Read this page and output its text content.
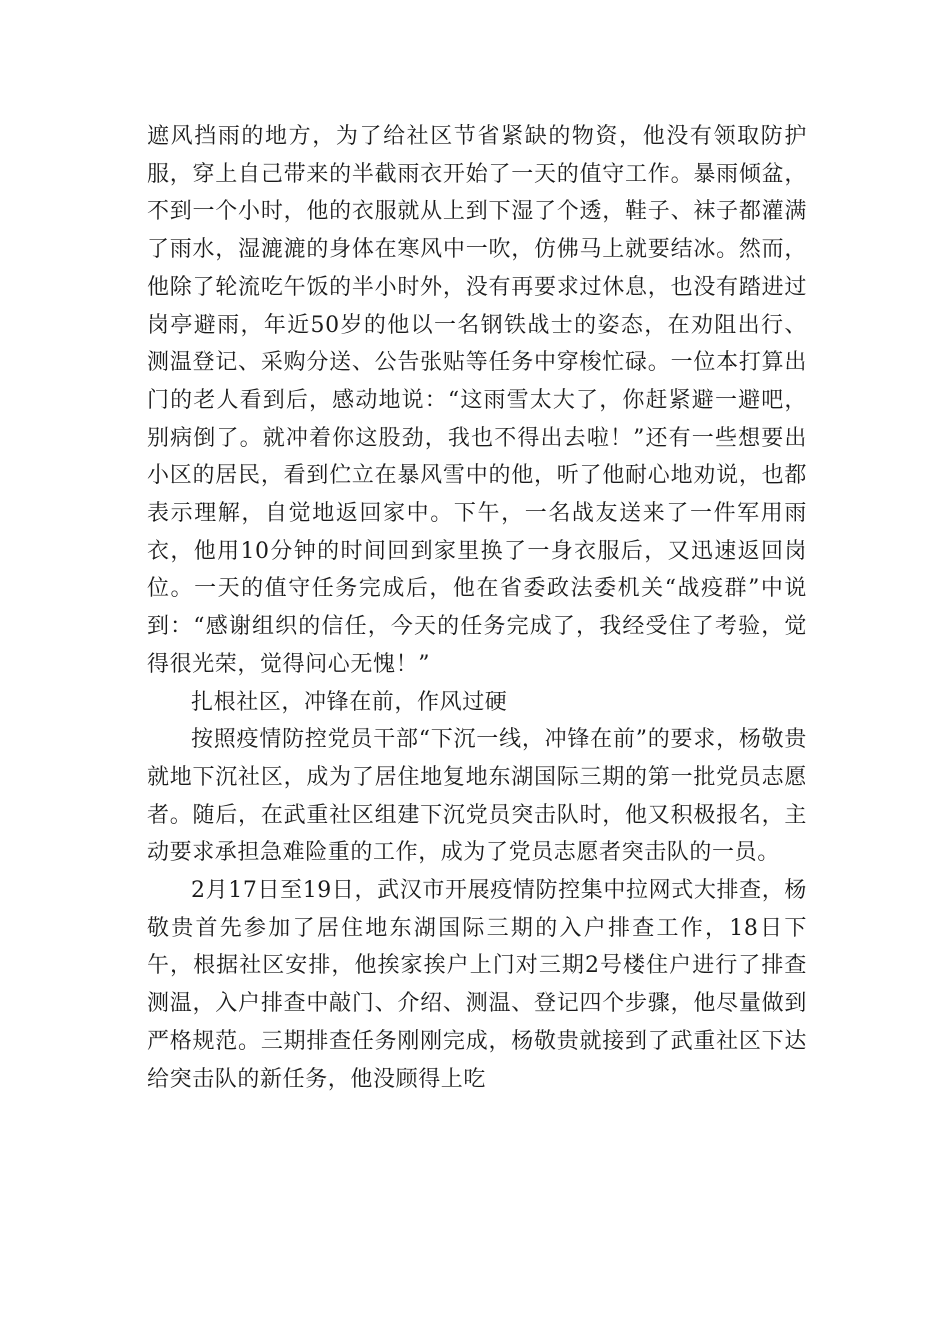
遮风挡雨的地方，为了给社区节省紧缺的物资，他没有领取防护服，穿上自己带来的半截雨衣开始了一天的值守工作。暴雨倾盆，不到一个小时，他的衣服就从上到下湿了个透，鞋子、袜子都灌满了雨水，湿漉漉的身体在寒风中一吹，仿佛马上就要结冰。然而，他除了轮流吃午饭的半小时外，没有再要求过休息，也没有踏进过岗亭避雨，年近50岁的他以一名钢铁战士的姿态，在劝阻出行、测温登记、采购分送、公告张贴等任务中穿梭忙碌。一位本打算出门的老人看到后，感动地说：“这雨雪太大了，你赶紧避一避吧，别病倒了。就冲着你这股劲，我也不得出去啦！”还有一些想要出小区的居民，看到伫立在暴风雪中的他，听了他耐心地劝说，也都表示理解，自觉地返回家中。下午，一名战友送来了一件军用雨衣，他用10分钟的时间回到家里换了一身衣服后，又迅速返回岗位。一天的值守任务完成后，他在省委政法委机关“战疫群”中说到：“感谢组织的信任，今天的任务完成了，我经受住了考验，觉得很光荣，觉得问心无愧！”

扎根社区，冲锋在前，作风过硬

按照疫情防控党员干部“下沉一线，冲锋在前”的要求，杨敬贵就地下沉社区，成为了居住地复地东湖国际三期的第一批党员志愿者。随后，在武重社区组建下沉党员突击队时，他又积极报名，主动要求承担急难险重的工作，成为了党员志愿者突击队的一员。

2月17日至19日，武汉市开展疫情防控集中拉网式大排查，杨敬贵首先参加了居住地东湖国际三期的入户排查工作，18日下午，根据社区安排，他挨家挨户上门对三期2号楼住户进行了排查测温，入户排查中敲门、介绍、测温、登记四个步骤，他尽量做到严格规范。三期排查任务刚刚完成，杨敬贵就接到了武重社区下达给突击队的新任务，他没顾得上吃
